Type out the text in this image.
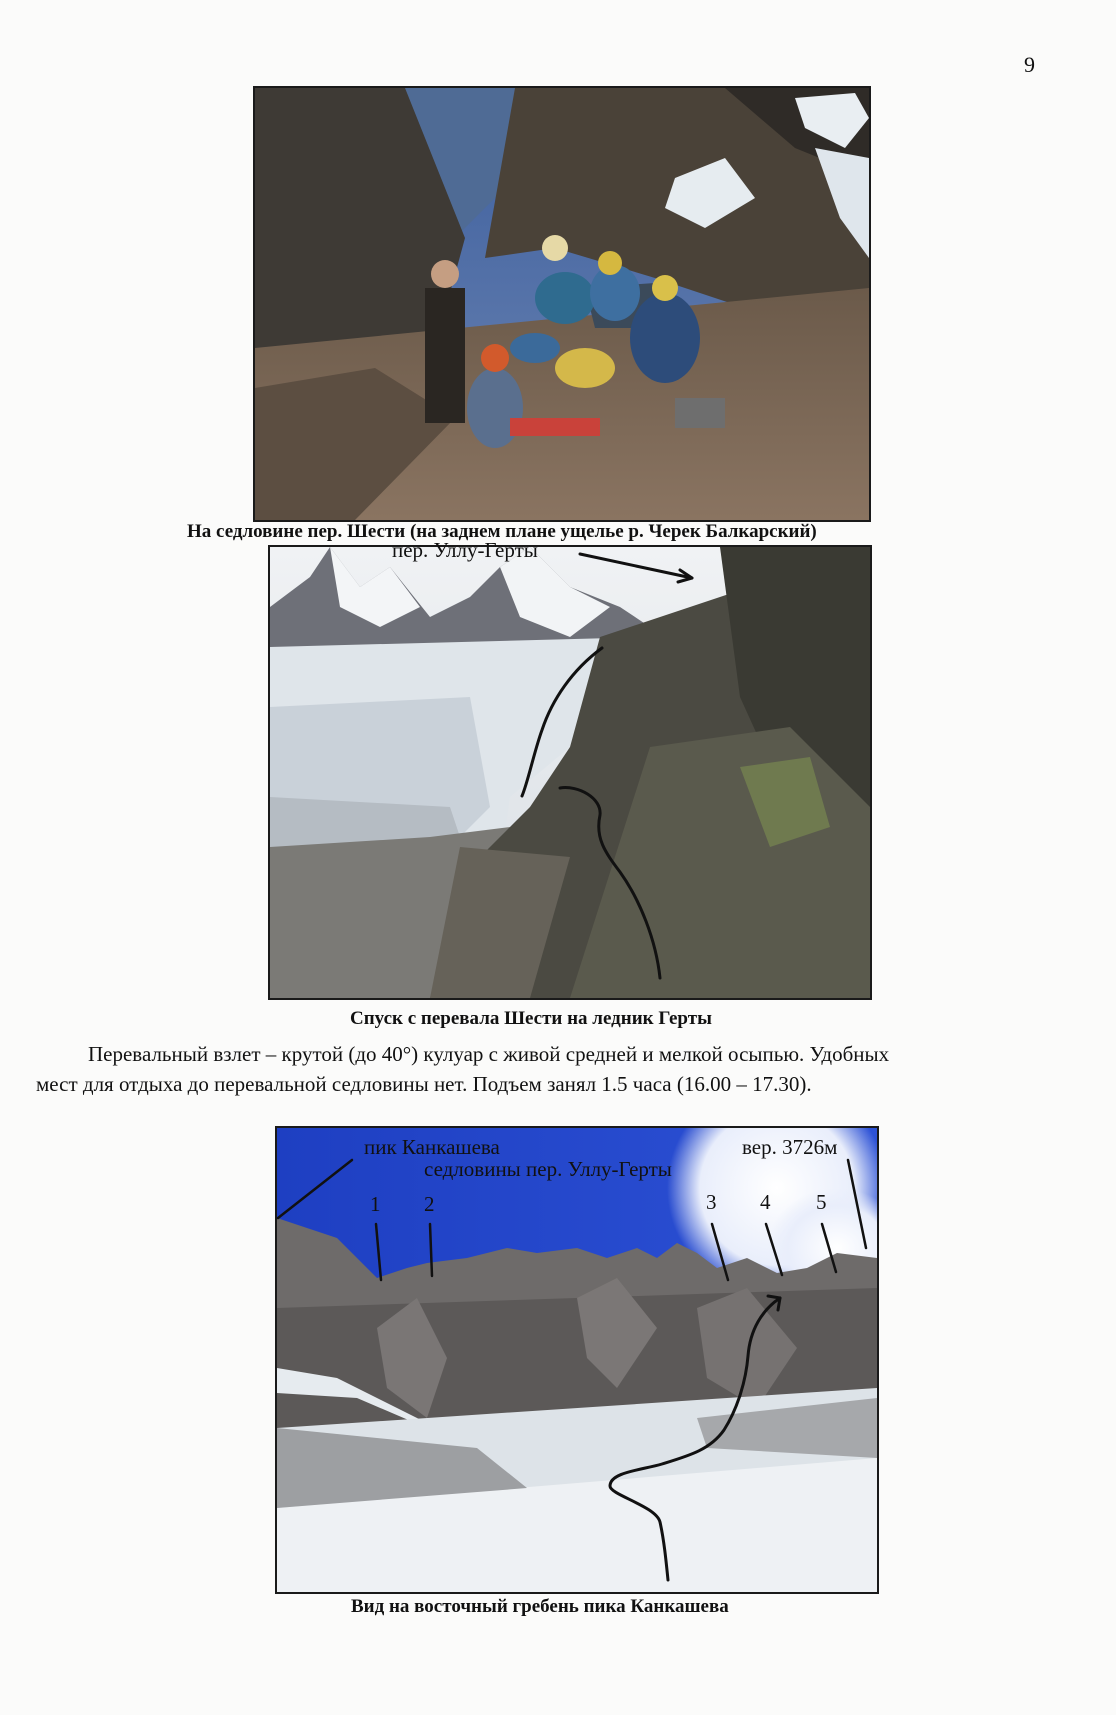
9
На седловине пер. Шести (на заднем плане ущелье р. Черек Балкарский)
пер. Уллу-Герты
Спуск с перевала Шести на ледник Герты
Перевальный взлет – крутой (до 40°) кулуар с живой средней и мелкой осыпью. Удобных
мест для отдыха до перевальной седловины нет. Подъем занял 1.5 часа (16.00 – 17.30).
пик Канкашева
седловины пер. Уллу-Герты
вер. 3726м
1 2	3 4 5
Вид на восточный гребень пика Канкашева
